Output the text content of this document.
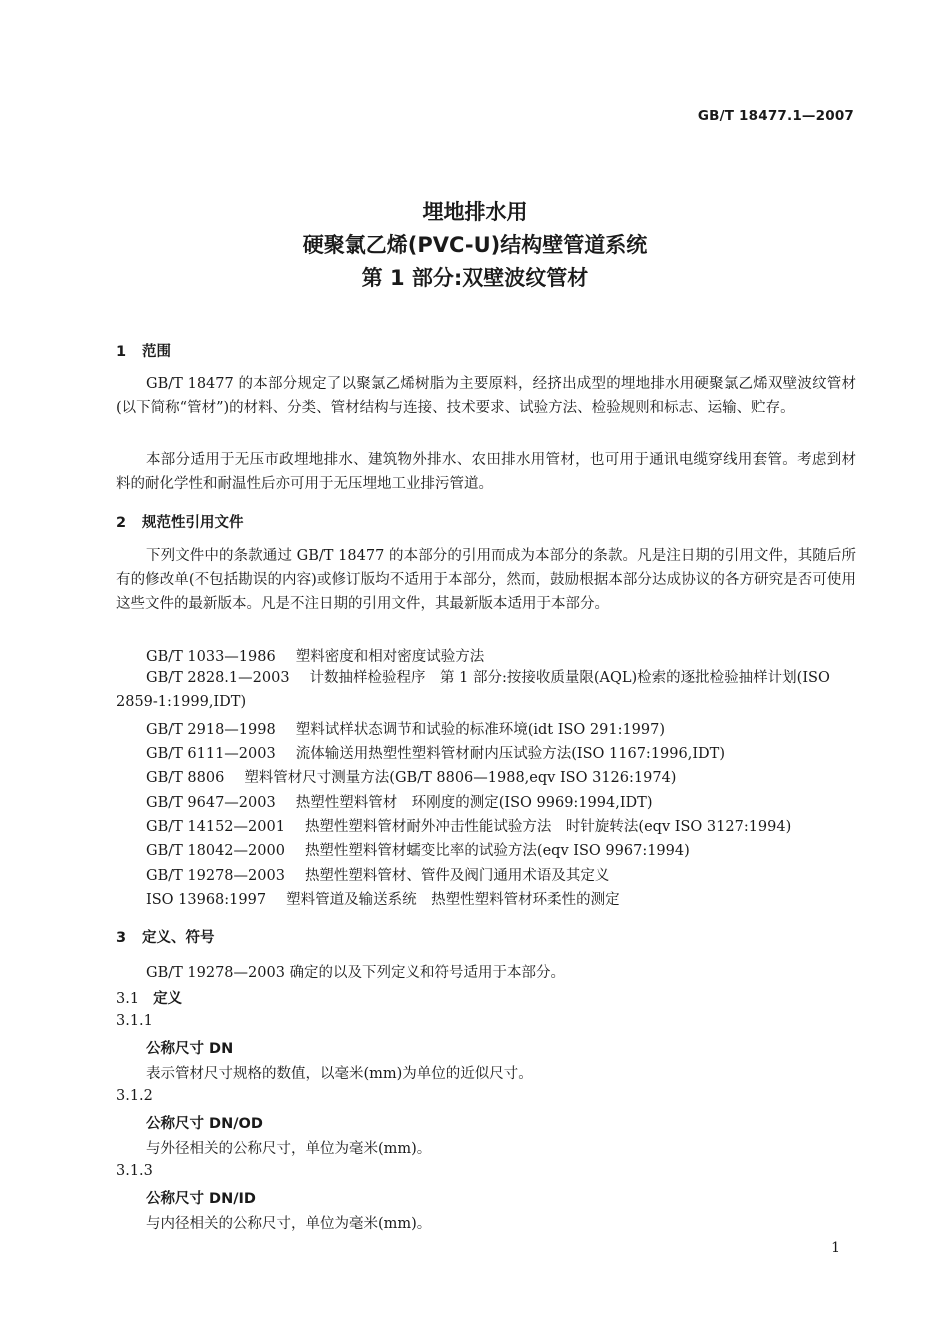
GB/T 18477.1—2007
埋地排水用
硬聚氯乙烯(PVC-U)结构壁管道系统
第 1 部分:双壁波纹管材
1 范围
GB/T 18477 的本部分规定了以聚氯乙烯树脂为主要原料，经挤出成型的埋地排水用硬聚氯乙烯双壁波纹管材(以下简称“管材”)的材料、分类、管材结构与连接、技术要求、试验方法、检验规则和标志、运输、贮存。
本部分适用于无压市政埋地排水、建筑物外排水、农田排水用管材，也可用于通讯电缆穿线用套管。考虑到材料的耐化学性和耐温性后亦可用于无压埋地工业排污管道。
2 规范性引用文件
下列文件中的条款通过 GB/T 18477 的本部分的引用而成为本部分的条款。凡是注日期的引用文件，其随后所有的修改单(不包括勘误的内容)或修订版均不适用于本部分，然而，鼓励根据本部分达成协议的各方研究是否可使用这些文件的最新版本。凡是不注日期的引用文件，其最新版本适用于本部分。
GB/T 1033—1986 塑料密度和相对密度试验方法
GB/T 2828.1—2003 计数抽样检验程序　第 1 部分:按接收质量限(AQL)检索的逐批检验抽样计划(ISO 2859-1:1999,IDT)
GB/T 2918—1998 塑料试样状态调节和试验的标准环境(idt ISO 291:1997)
GB/T 6111—2003 流体输送用热塑性塑料管材耐内压试验方法(ISO 1167:1996,IDT)
GB/T 8806 塑料管材尺寸测量方法(GB/T 8806—1988,eqv ISO 3126:1974)
GB/T 9647—2003 热塑性塑料管材　环刚度的测定(ISO 9969:1994,IDT)
GB/T 14152—2001 热塑性塑料管材耐外冲击性能试验方法　时针旋转法(eqv ISO 3127:1994)
GB/T 18042—2000 热塑性塑料管材蠕变比率的试验方法(eqv ISO 9967:1994)
GB/T 19278—2003 热塑性塑料管材、管件及阀门通用术语及其定义
ISO 13968:1997 塑料管道及输送系统　热塑性塑料管材环柔性的测定
3 定义、符号
GB/T 19278—2003 确定的以及下列定义和符号适用于本部分。
3.1 定义
3.1.1
公称尺寸 DN
表示管材尺寸规格的数值，以毫米(mm)为单位的近似尺寸。
3.1.2
公称尺寸 DN/OD
与外径相关的公称尺寸，单位为毫米(mm)。
3.1.3
公称尺寸 DN/ID
与内径相关的公称尺寸，单位为毫米(mm)。
1
